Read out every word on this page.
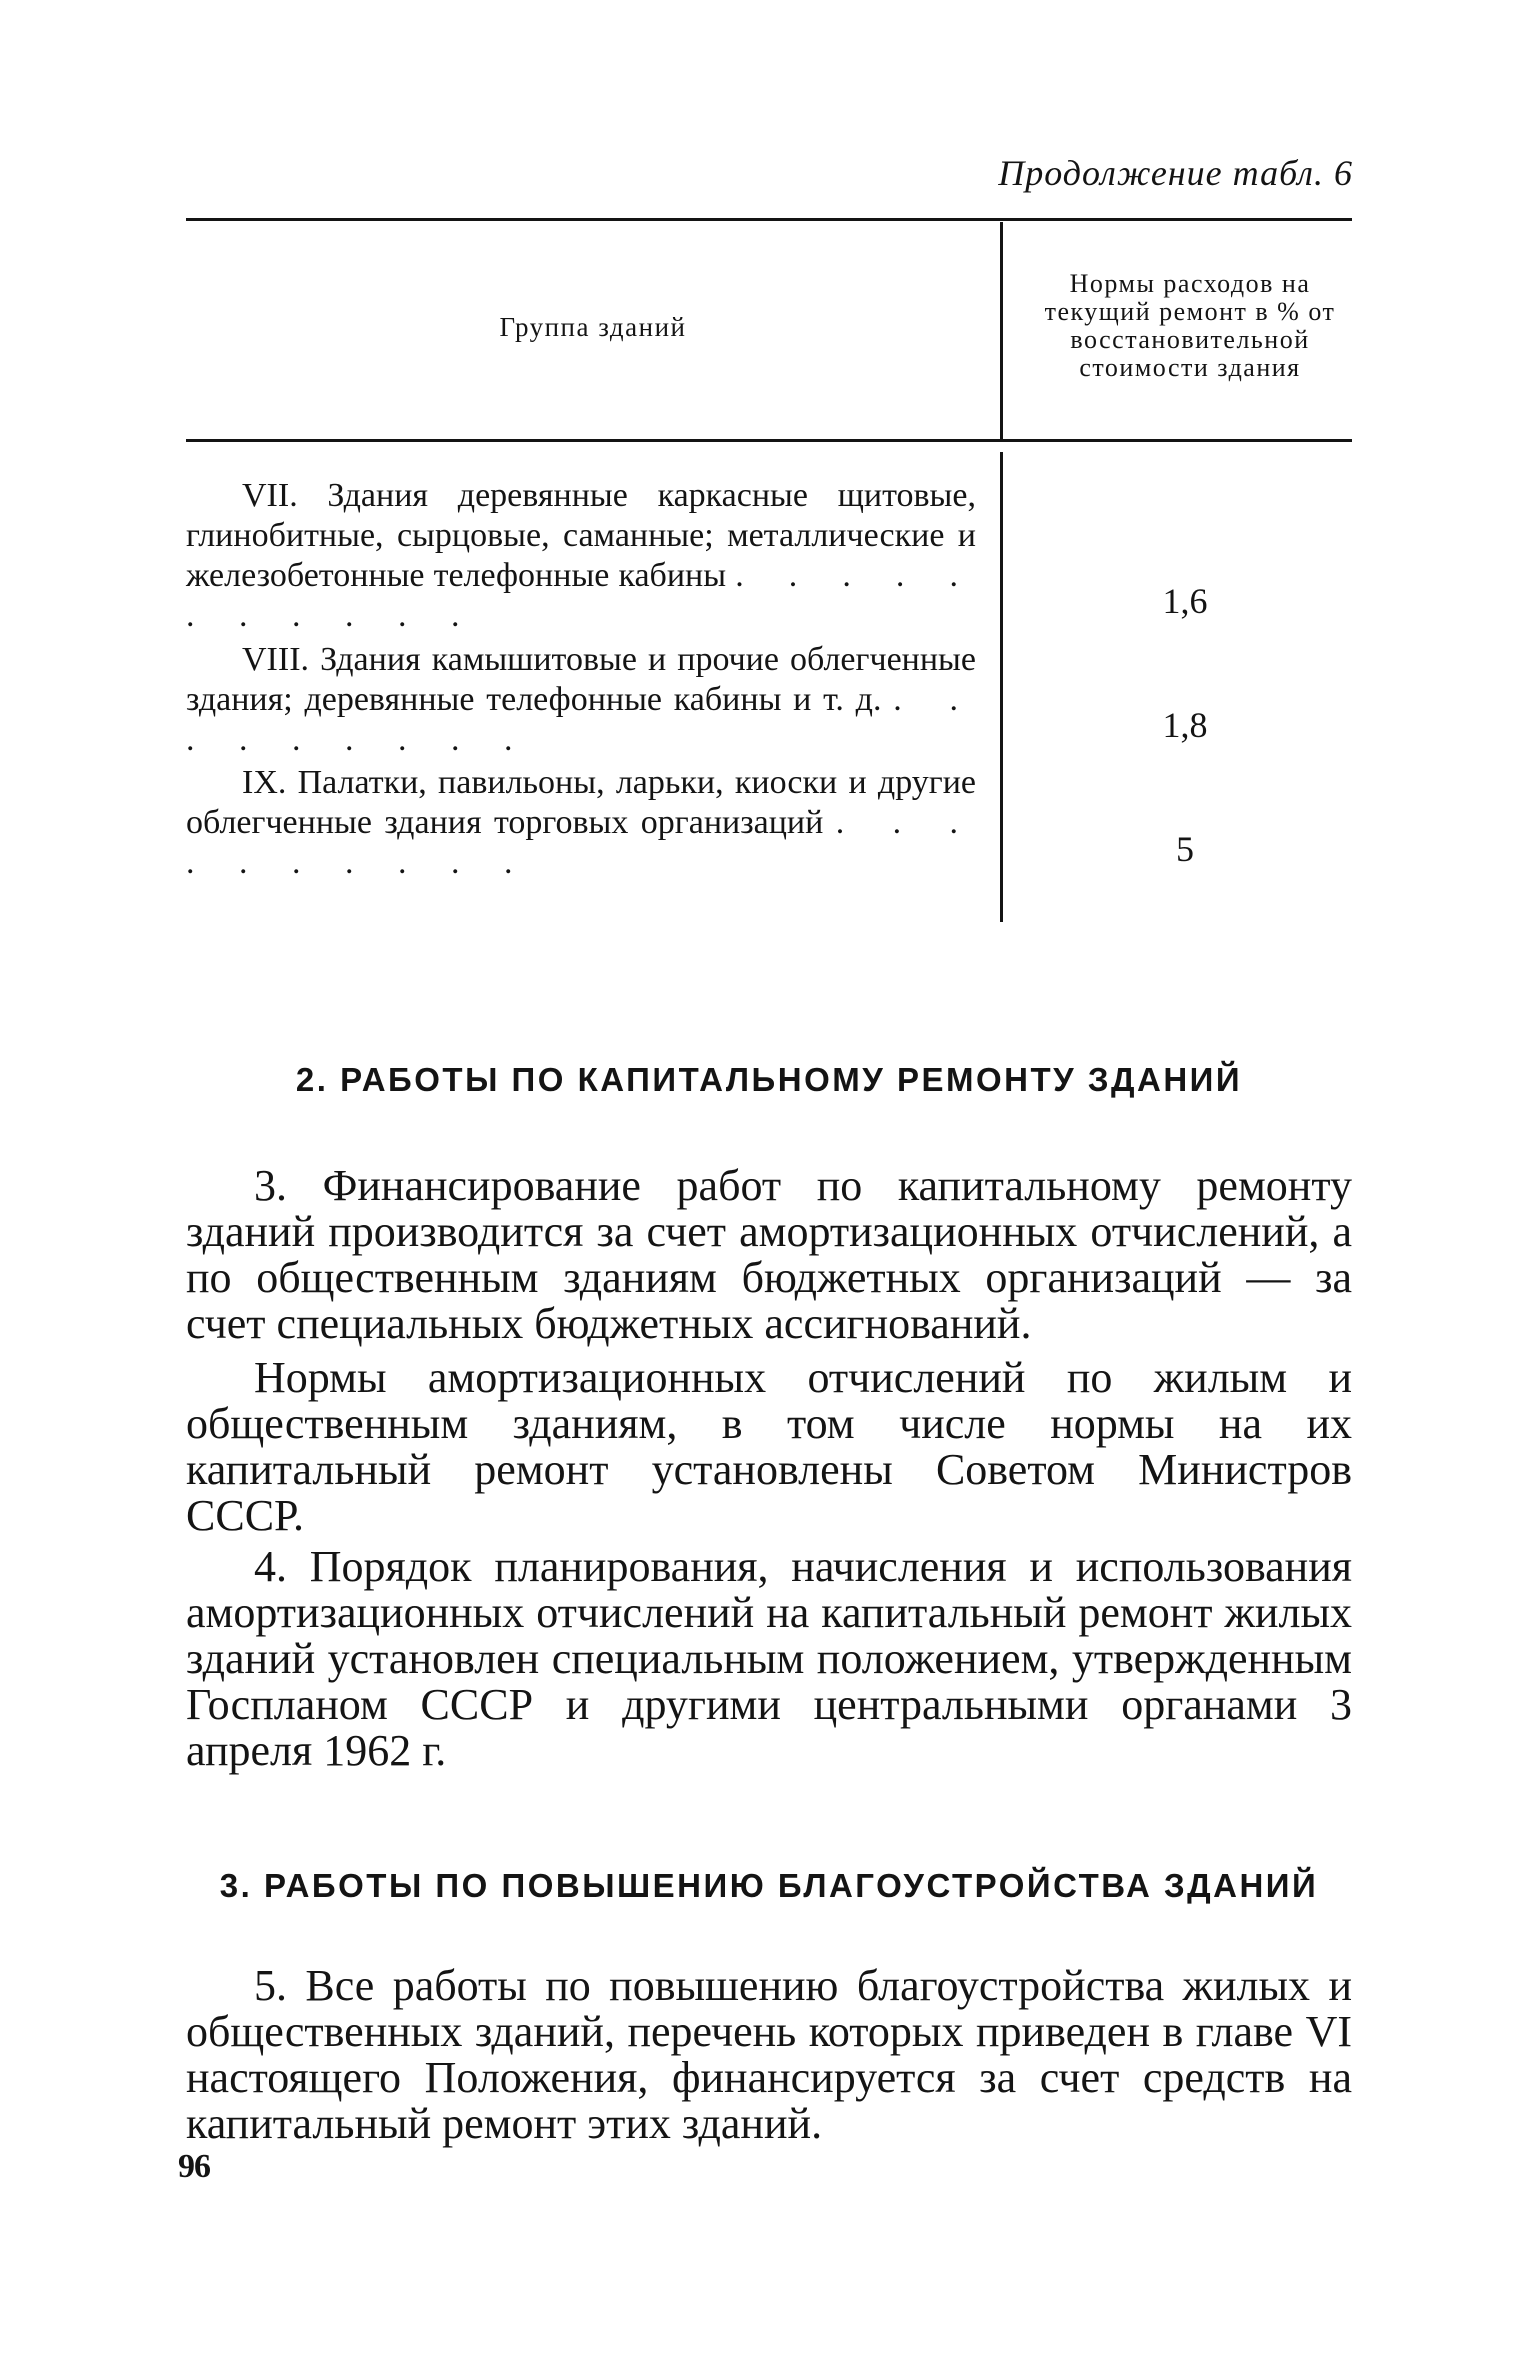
Продолжение табл. 6
Группа зданий
Нормы расходов на текущий ремонт в % от восстановительной стоимости здания
VII. Здания деревянные каркасные щитовые, глинобитные, сырцовые, саманные; металлические и железобетонные телефонные кабины . . . . . . . . . . .	1,6
VIII. Здания камышитовые и прочие облегченные здания; деревянные телефонные кабины и т. д. . . . . . . . . .	1,8
IX. Палатки, павильоны, ларьки, киоски и другие облегченные здания торговых организаций . . . . . . . . . .	5
2. РАБОТЫ ПО КАПИТАЛЬНОМУ РЕМОНТУ ЗДАНИЙ
3. Финансирование работ по капитальному ремонту зданий производится за счет амортизационных отчислений, а по общественным зданиям бюджетных организаций — за счет специальных бюджетных ассигнований.
Нормы амортизационных отчислений по жилым и общественным зданиям, в том числе нормы на их капитальный ремонт установлены Советом Министров СССР.
4. Порядок планирования, начисления и использования амортизационных отчислений на капитальный ремонт жилых зданий установлен специальным положением, утвержденным Госпланом СССР и другими центральными органами 3 апреля 1962 г.
3. РАБОТЫ ПО ПОВЫШЕНИЮ БЛАГОУСТРОЙСТВА ЗДАНИЙ
5. Все работы по повышению благоустройства жилых и общественных зданий, перечень которых приведен в главе VI настоящего Положения, финансируется за счет средств на капитальный ремонт этих зданий.
96
